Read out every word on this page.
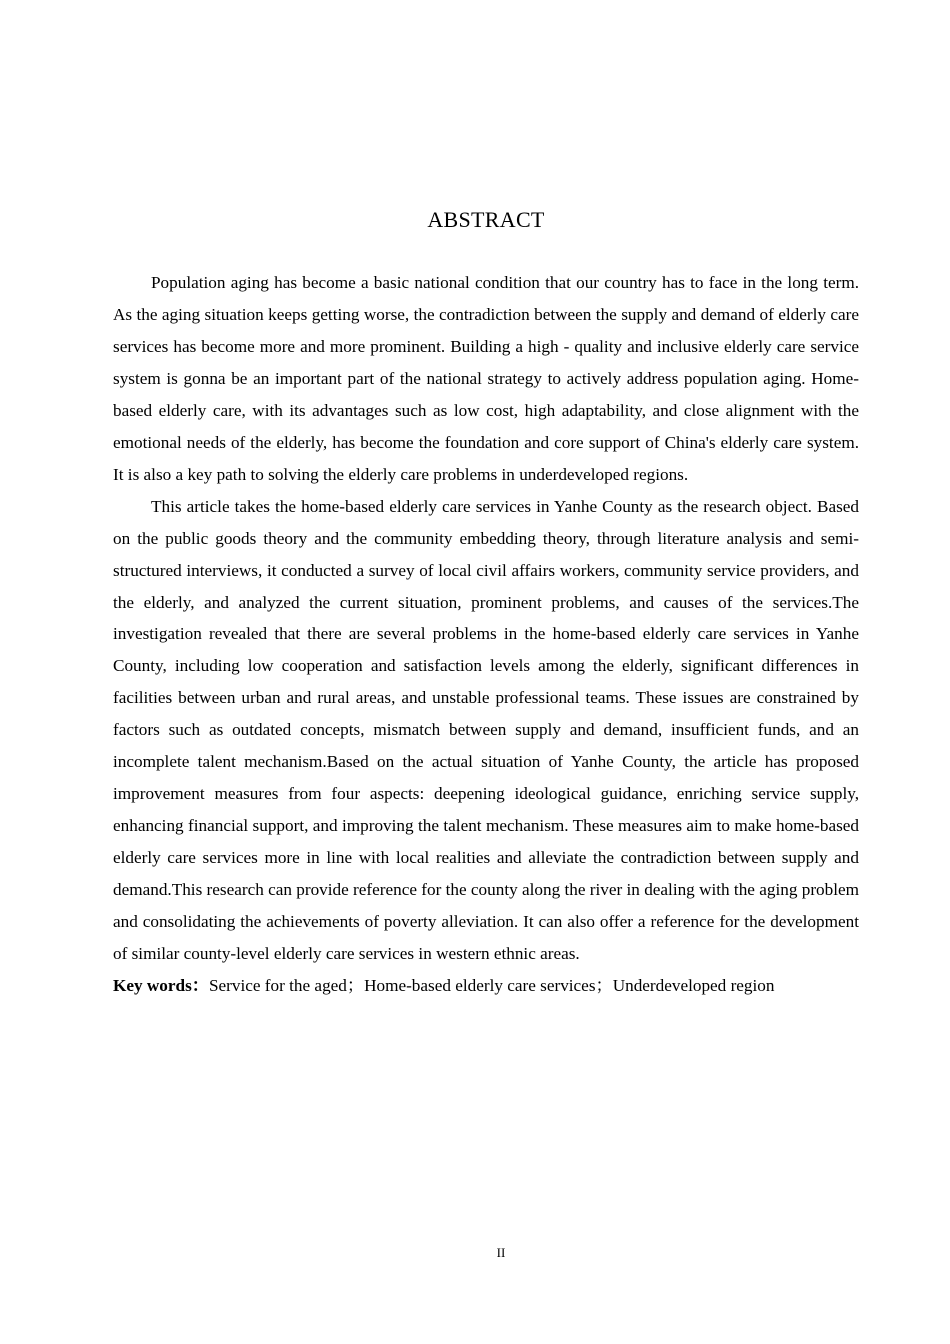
ABSTRACT

Population aging has become a basic national condition that our country has to face in the long term. As the aging situation keeps getting worse, the contradiction between the supply and demand of elderly care services has become more and more prominent. Building a high - quality and inclusive elderly care service system is gonna be an important part of the national strategy to actively address population aging. Home-based elderly care, with its advantages such as low cost, high adaptability, and close alignment with the emotional needs of the elderly, has become the foundation and core support of China's elderly care system. It is also a key path to solving the elderly care problems in underdeveloped regions.

This article takes the home-based elderly care services in Yanhe County as the research object. Based on the public goods theory and the community embedding theory, through literature analysis and semi-structured interviews, it conducted a survey of local civil affairs workers, community service providers, and the elderly, and analyzed the current situation, prominent problems, and causes of the services.The investigation revealed that there are several problems in the home-based elderly care services in Yanhe County, including low cooperation and satisfaction levels among the elderly, significant differences in facilities between urban and rural areas, and unstable professional teams. These issues are constrained by factors such as outdated concepts, mismatch between supply and demand, insufficient funds, and an incomplete talent mechanism.Based on the actual situation of Yanhe County, the article has proposed improvement measures from four aspects: deepening ideological guidance, enriching service supply, enhancing financial support, and improving the talent mechanism. These measures aim to make home-based elderly care services more in line with local realities and alleviate the contradiction between supply and demand.This research can provide reference for the county along the river in dealing with the aging problem and consolidating the achievements of poverty alleviation. It can also offer a reference for the development of similar county-level elderly care services in western ethnic areas.

Key words：Service for the aged；Home-based elderly care services；Underdeveloped region

II
